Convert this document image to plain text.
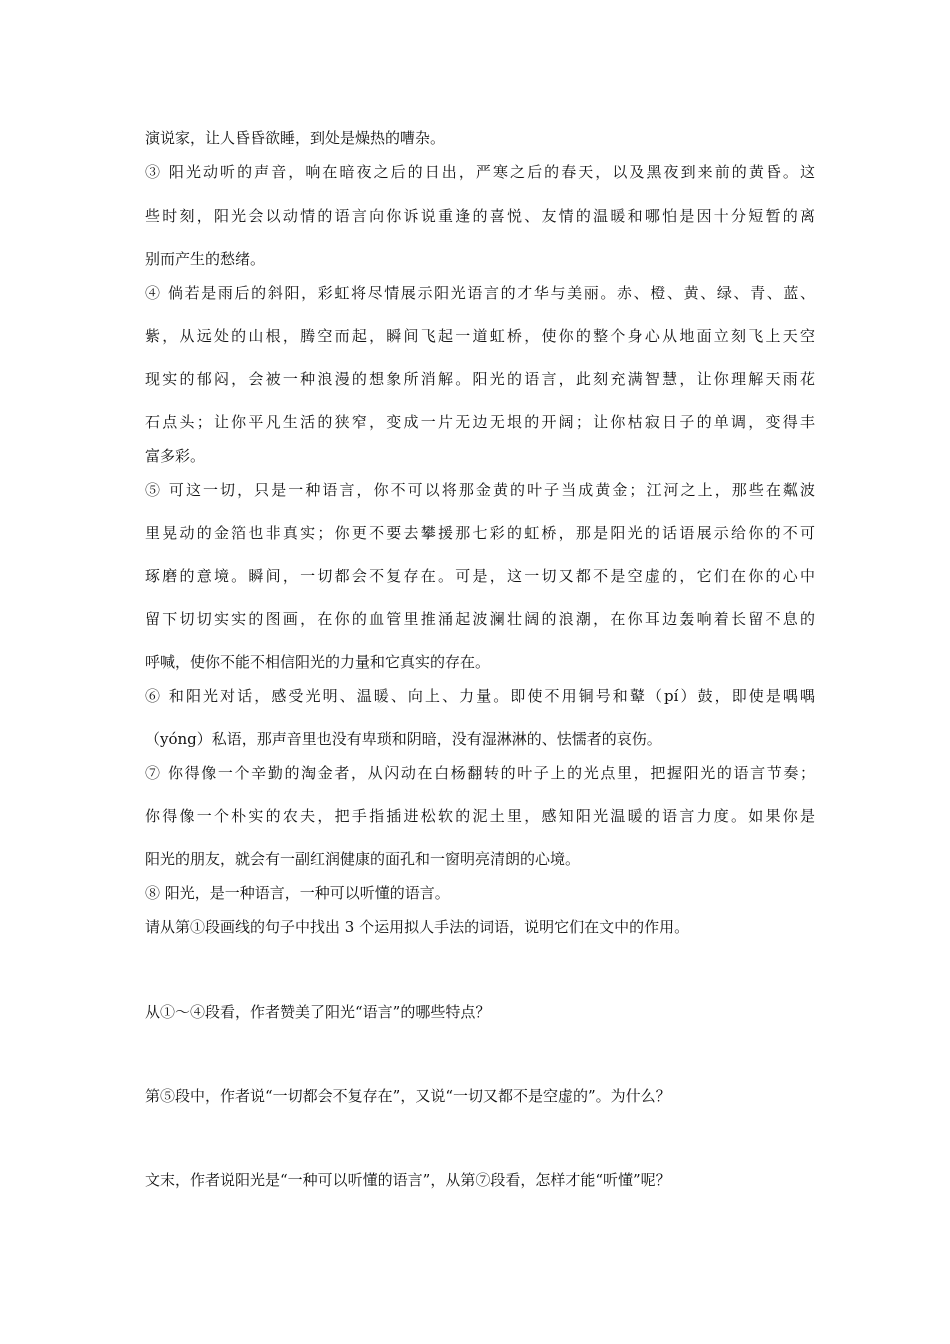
演说家，让人昏昏欲睡，到处是燥热的嘈杂。
③ 阳光动听的声音，响在暗夜之后的日出，严寒之后的春天，以及黑夜到来前的黄昏。这
些时刻，阳光会以动情的语言向你诉说重逢的喜悦、友情的温暖和哪怕是因十分短暂的离
别而产生的愁绪。
④ 倘若是雨后的斜阳，彩虹将尽情展示阳光语言的才华与美丽。赤、橙、黄、绿、青、蓝、
紫，从远处的山根，腾空而起，瞬间飞起一道虹桥，使你的整个身心从地面立刻飞上天空
现实的郁闷，会被一种浪漫的想象所消解。阳光的语言，此刻充满智慧，让你理解天雨花
石点头；让你平凡生活的狭窄，变成一片无边无垠的开阔；让你枯寂日子的单调，变得丰
富多彩。
⑤ 可这一切，只是一种语言，你不可以将那金黄的叶子当成黄金；江河之上，那些在粼波
里晃动的金箔也非真实；你更不要去攀援那七彩的虹桥，那是阳光的话语展示给你的不可
琢磨的意境。瞬间，一切都会不复存在。可是，这一切又都不是空虚的，它们在你的心中
留下切切实实的图画，在你的血管里推涌起波澜壮阔的浪潮，在你耳边轰响着长留不息的
呼喊，使你不能不相信阳光的力量和它真实的存在。
⑥ 和阳光对话，感受光明、温暖、向上、力量。即使不用铜号和鼙（pí）鼓，即使是喁喁
（yóng）私语，那声音里也没有卑琐和阴暗，没有湿淋淋的、怯懦者的哀伤。
⑦ 你得像一个辛勤的淘金者，从闪动在白杨翻转的叶子上的光点里，把握阳光的语言节奏；
你得像一个朴实的农夫，把手指插进松软的泥土里，感知阳光温暖的语言力度。如果你是
阳光的朋友，就会有一副红润健康的面孔和一窗明亮清朗的心境。
⑧ 阳光，是一种语言，一种可以听懂的语言。
请从第①段画线的句子中找出 3 个运用拟人手法的词语，说明它们在文中的作用。
从①～④段看，作者赞美了阳光“语言”的哪些特点？
第⑤段中，作者说“一切都会不复存在”，又说“一切又都不是空虚的”。为什么？
文末，作者说阳光是“一种可以听懂的语言”，从第⑦段看，怎样才能“听懂”呢？
